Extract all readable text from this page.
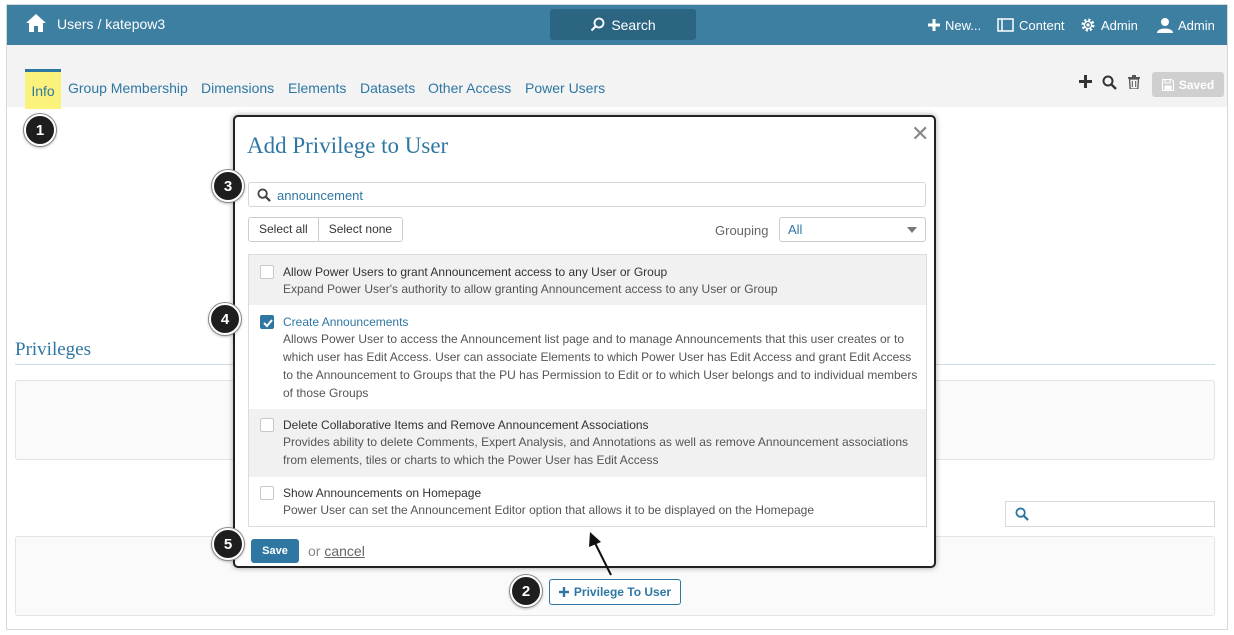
Users / katepow3	Search	New...	Content	Admin	Admin
Info Group Membership Dimensions Elements Datasets Other Access Power Users	Saved
Privileges
Privilege To User
Add Privilege to User	✕
announcement
Select all	Select none	Grouping	All
Allow Power Users to grant Announcement access to any User or Group
Expand Power User's authority to allow granting Announcement access to any User or Group
Create Announcements
Allows Power User to access the Announcement list page and to manage Announcements that this user creates or to which user has Edit Access. User can associate Elements to which Power User has Edit Access and grant Edit Access to the Announcement to Groups that the PU has Permission to Edit or to which User belongs and to individual members of those Groups
Delete Collaborative Items and Remove Announcement Associations
Provides ability to delete Comments, Expert Analysis, and Annotations as well as remove Announcement associations from elements, tiles or charts to which the Power User has Edit Access
Show Announcements on Homepage
Power User can set the Announcement Editor option that allows it to be displayed on the Homepage
Save	or cancel
1
2
3
4
5
